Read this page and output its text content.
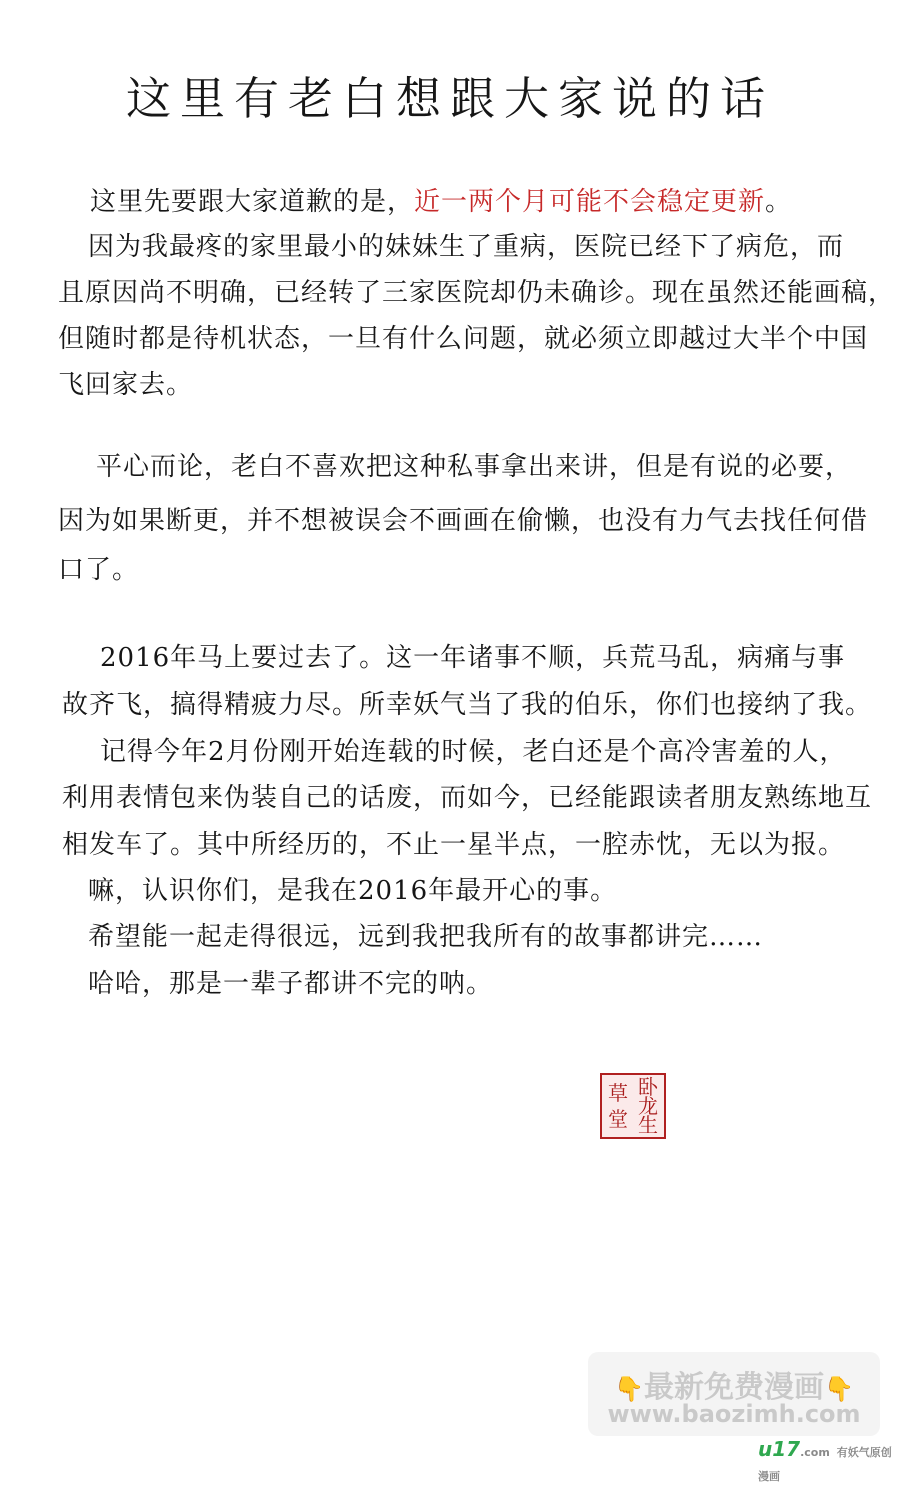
这里有老白想跟大家说的话
这里先要跟大家道歉的是，近一两个月可能不会稳定更新。
因为我最疼的家里最小的妹妹生了重病，医院已经下了病危，而
且原因尚不明确，已经转了三家医院却仍未确诊。现在虽然还能画稿，
但随时都是待机状态，一旦有什么问题，就必须立即越过大半个中国
飞回家去。
平心而论，老白不喜欢把这种私事拿出来讲，但是有说的必要，
因为如果断更，并不想被误会不画画在偷懒，也没有力气去找任何借
口了。
2016年马上要过去了。这一年诸事不顺，兵荒马乱，病痛与事
故齐飞，搞得精疲力尽。所幸妖气当了我的伯乐，你们也接纳了我。
记得今年2月份刚开始连载的时候，老白还是个高冷害羞的人，
利用表情包来伪装自己的话废，而如今，已经能跟读者朋友熟练地互
相发车了。其中所经历的，不止一星半点，一腔赤忱，无以为报。
嘛，认识你们，是我在2016年最开心的事。
希望能一起走得很远，远到我把我所有的故事都讲完……
哈哈，那是一辈子都讲不完的呐。
卧
龙
生
草
堂
👇最新免费漫画👇
www.baozimh.com
u17.com 有妖气原创漫画
